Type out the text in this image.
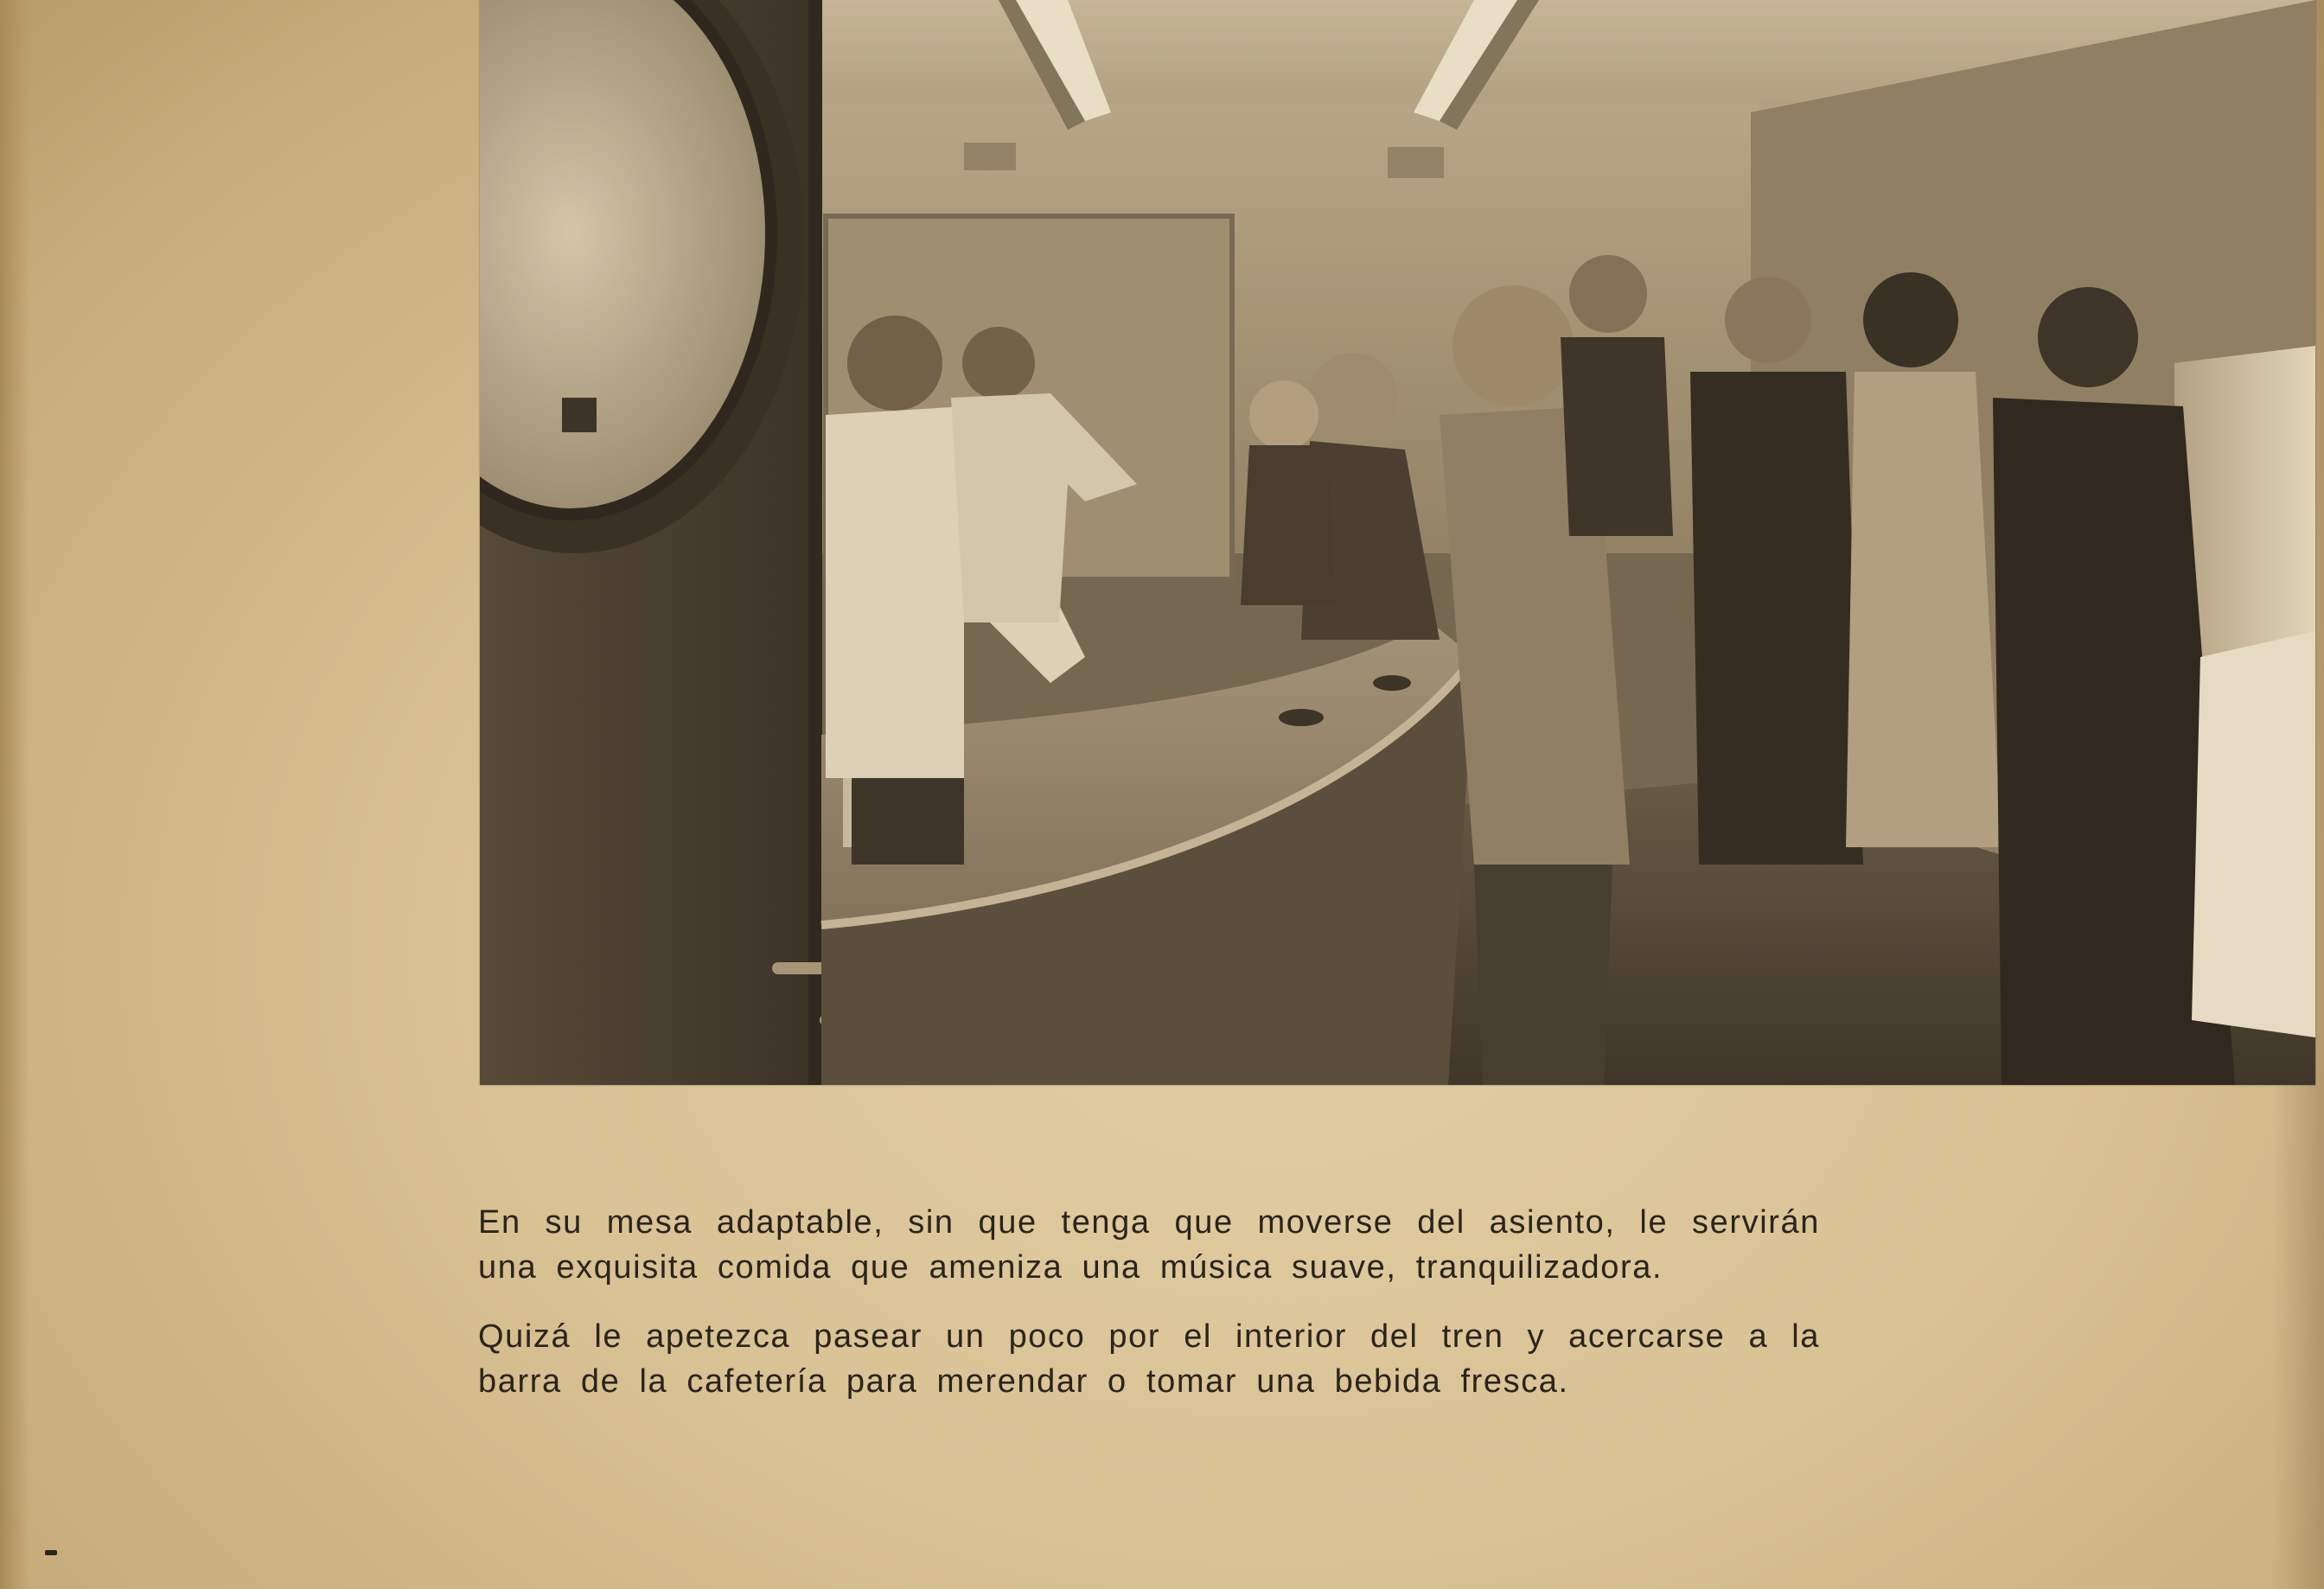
En su mesa adaptable, sin que tenga que moverse del asiento, le servirán una exquisita comida que ameniza una música suave, tranquilizadora.

Quizá le apetezca pasear un poco por el interior del tren y acercarse a la barra de la cafetería para merendar o tomar una bebida fresca.
